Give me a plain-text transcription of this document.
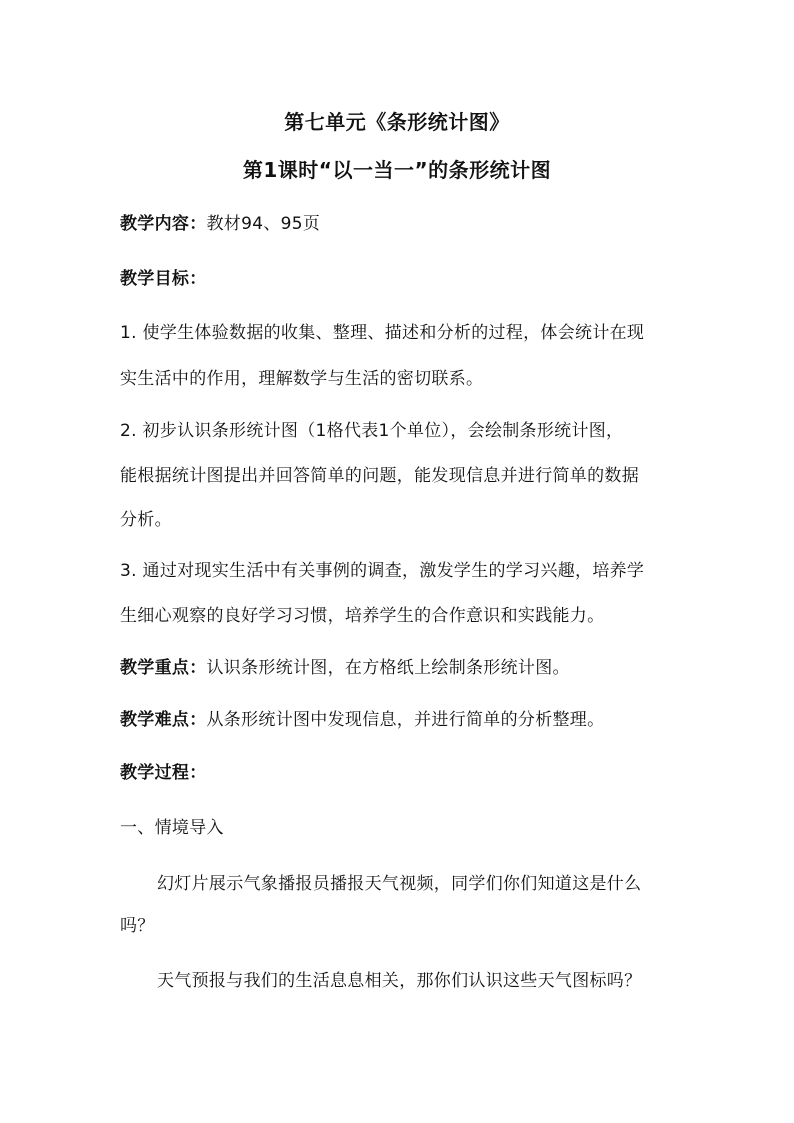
第七单元《条形统计图》
第1课时“以一当一”的条形统计图
教学内容：教材94、95页
教学目标：
1. 使学生体验数据的收集、整理、描述和分析的过程，体会统计在现
实生活中的作用，理解数学与生活的密切联系。
2. 初步认识条形统计图（1格代表1个单位），会绘制条形统计图，
能根据统计图提出并回答简单的问题，能发现信息并进行简单的数据
分析。
3. 通过对现实生活中有关事例的调查，激发学生的学习兴趣，培养学
生细心观察的良好学习习惯，培养学生的合作意识和实践能力。
教学重点：认识条形统计图，在方格纸上绘制条形统计图。
教学难点：从条形统计图中发现信息，并进行简单的分析整理。
教学过程：
一、情境导入
幻灯片展示气象播报员播报天气视频，同学们你们知道这是什么
吗？
天气预报与我们的生活息息相关，那你们认识这些天气图标吗？
